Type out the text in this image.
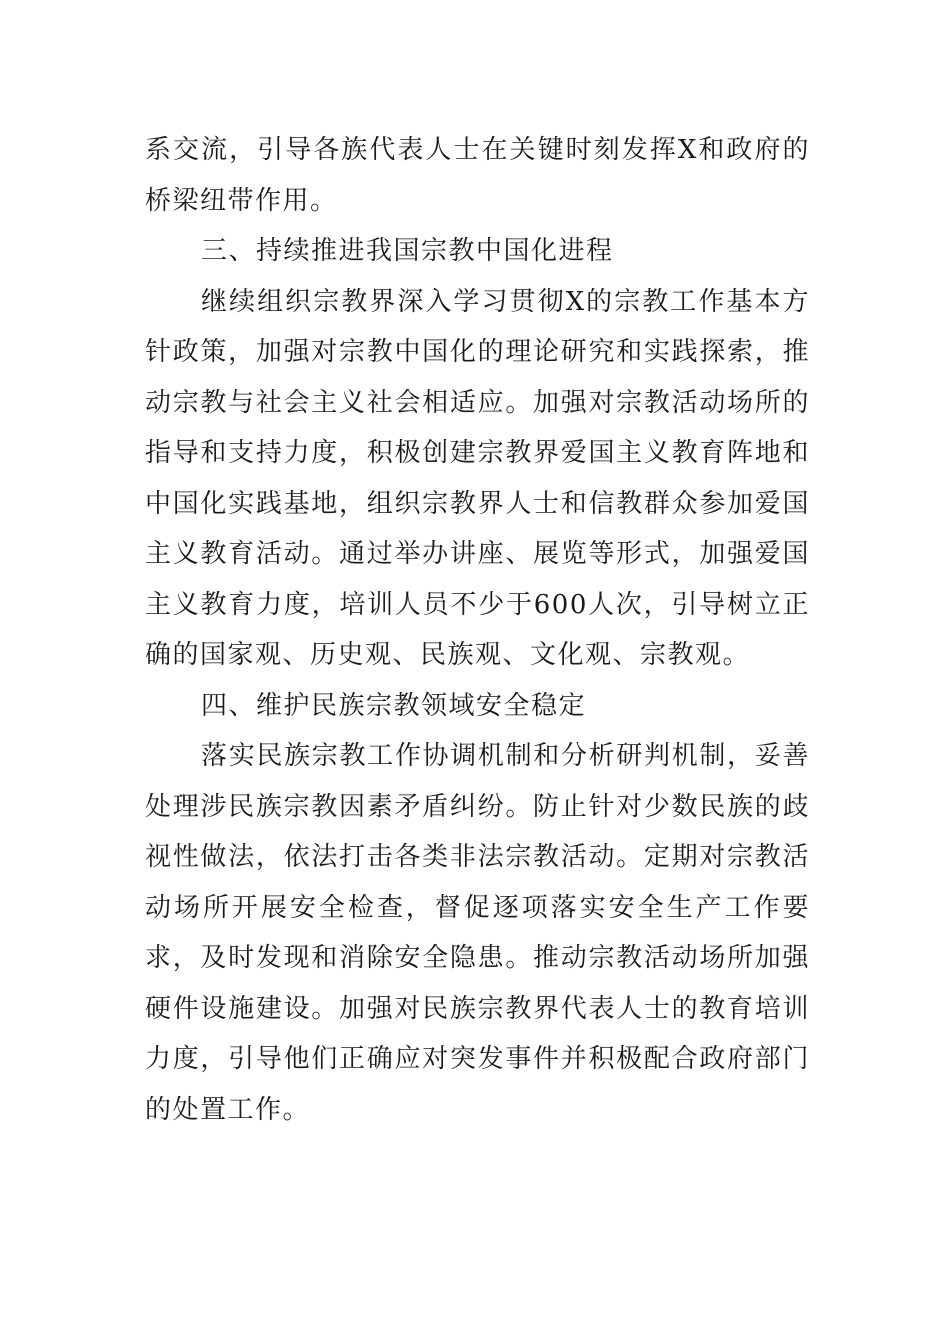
系交流，引导各族代表人士在关键时刻发挥X和政府的桥梁纽带作用。

三、持续推进我国宗教中国化进程

继续组织宗教界深入学习贯彻X的宗教工作基本方针政策，加强对宗教中国化的理论研究和实践探索，推动宗教与社会主义社会相适应。加强对宗教活动场所的指导和支持力度，积极创建宗教界爱国主义教育阵地和中国化实践基地，组织宗教界人士和信教群众参加爱国主义教育活动。通过举办讲座、展览等形式，加强爱国主义教育力度，培训人员不少于600人次，引导树立正确的国家观、历史观、民族观、文化观、宗教观。

四、维护民族宗教领域安全稳定

落实民族宗教工作协调机制和分析研判机制，妥善处理涉民族宗教因素矛盾纠纷。防止针对少数民族的歧视性做法，依法打击各类非法宗教活动。定期对宗教活动场所开展安全检查，督促逐项落实安全生产工作要求，及时发现和消除安全隐患。推动宗教活动场所加强硬件设施建设。加强对民族宗教界代表人士的教育培训力度，引导他们正确应对突发事件并积极配合政府部门的处置工作。
